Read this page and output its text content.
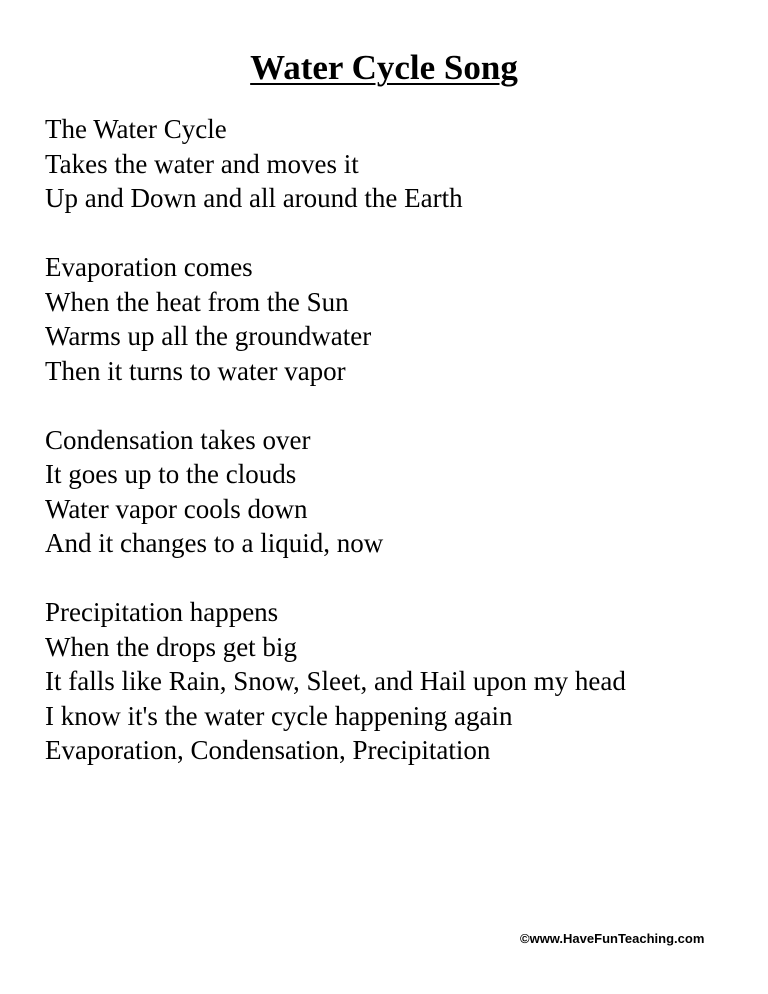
Water Cycle Song
The Water Cycle
Takes the water and moves it
Up and Down and all around the Earth
Evaporation comes
When the heat from the Sun
Warms up all the groundwater
Then it turns to water vapor
Condensation takes over
It goes up to the clouds
Water vapor cools down
And it changes to a liquid, now
Precipitation happens
When the drops get big
It falls like Rain, Snow, Sleet, and Hail upon my head
I know it's the water cycle happening again
Evaporation, Condensation, Precipitation
©www.HaveFunTeaching.com
